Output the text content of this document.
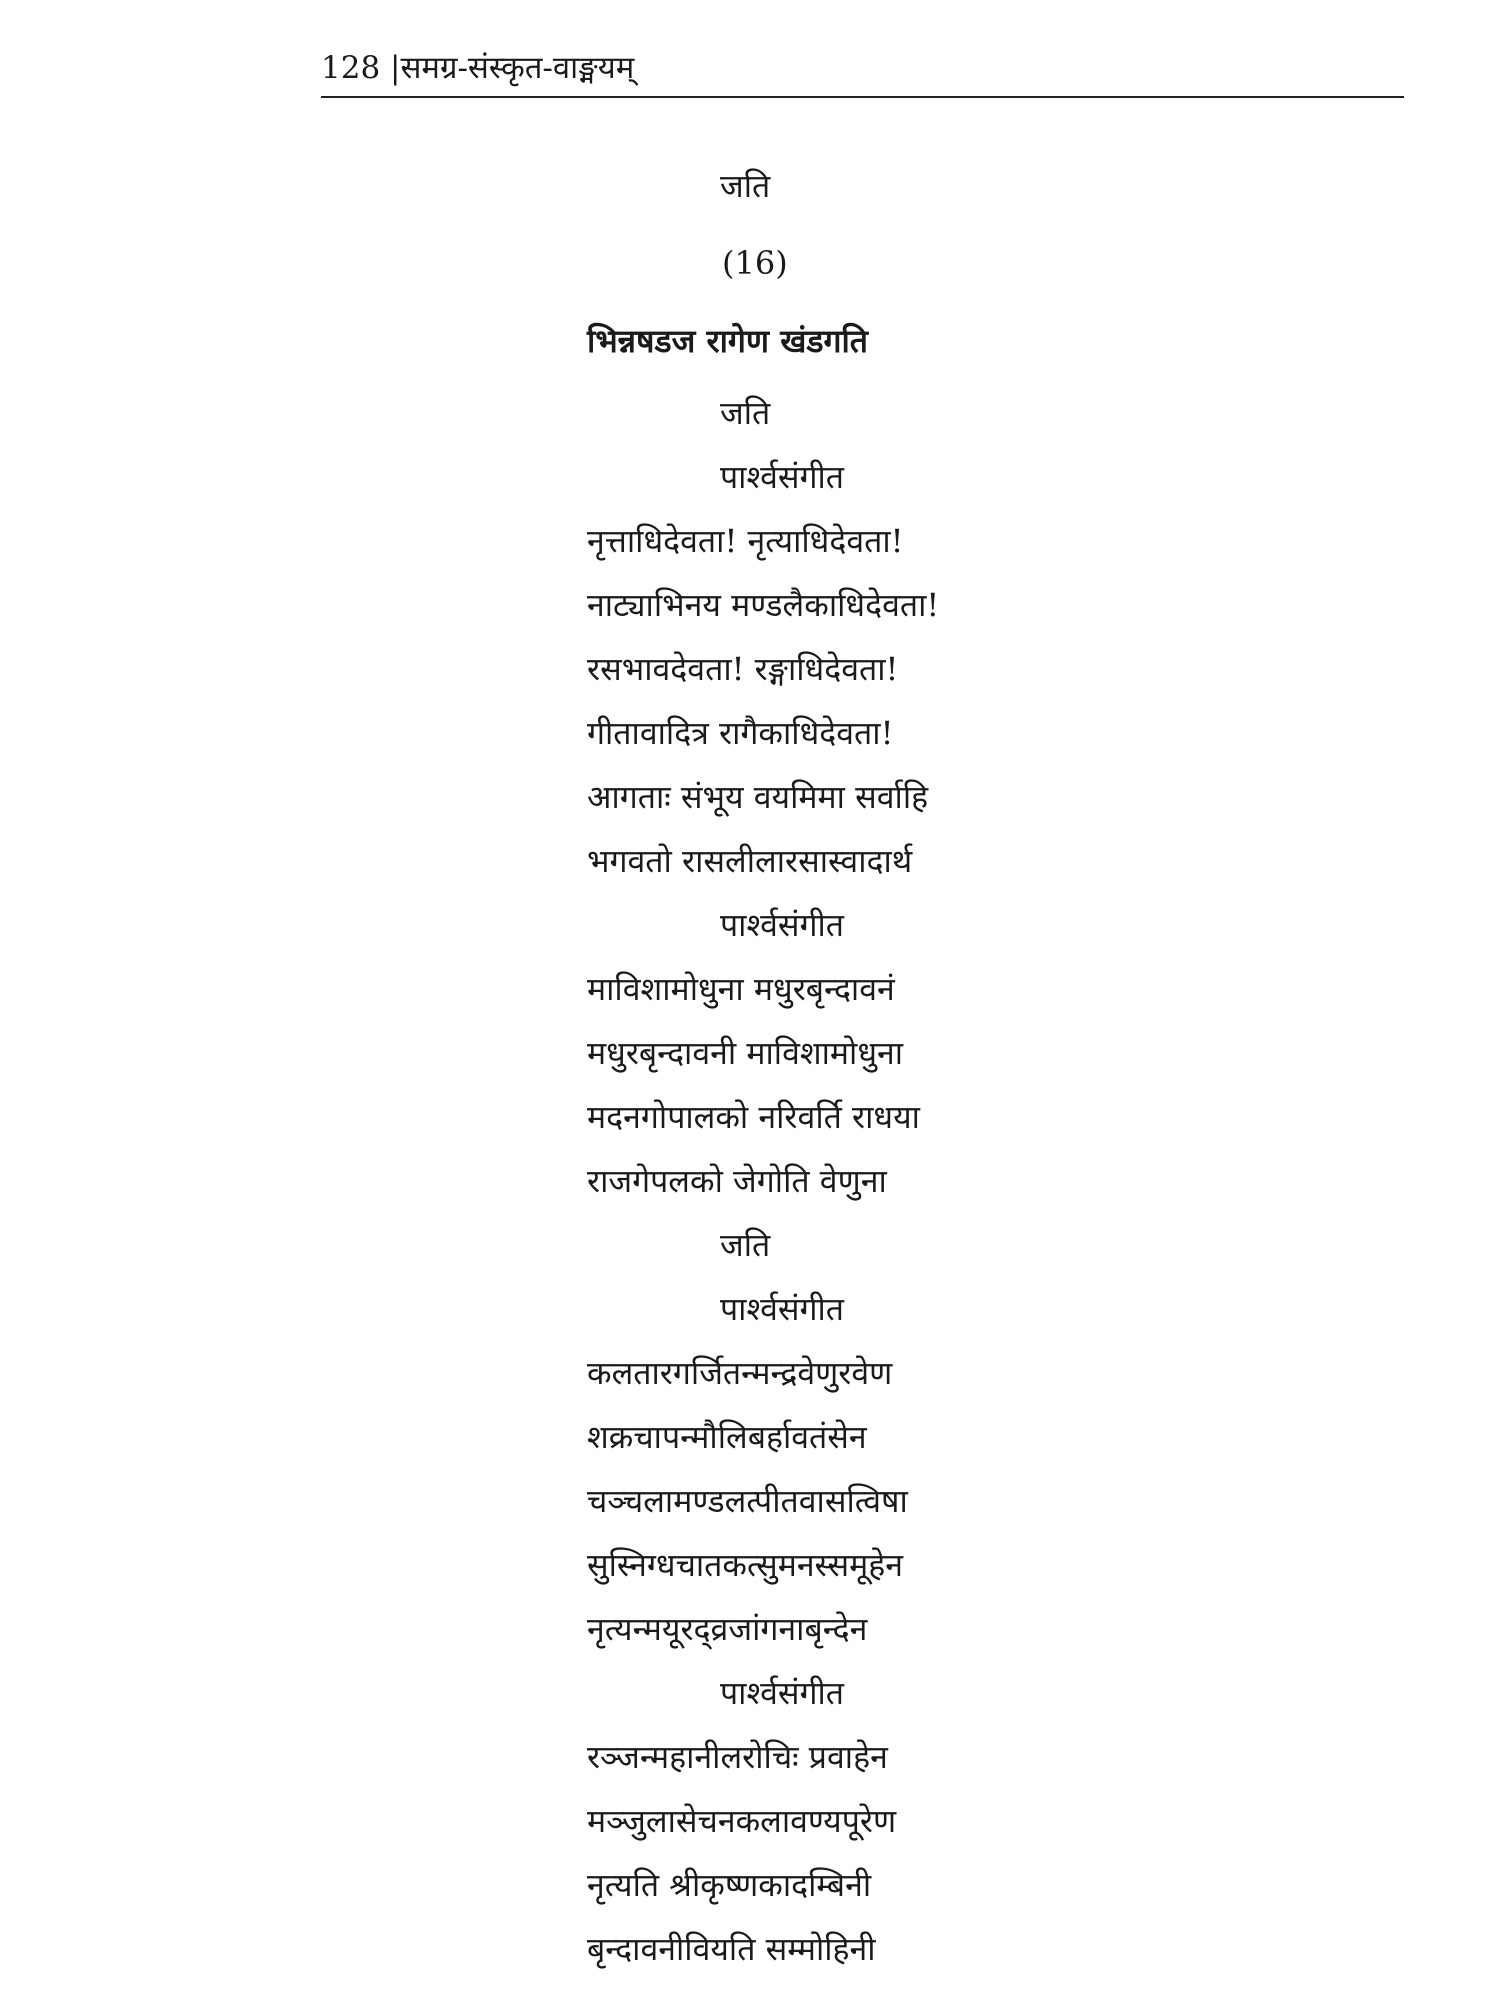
128 |समग्र-संस्कृत-वाङ्मयम्
जति
(16)
भिन्नषडज रागेण खंडगति
जति
पार्श्वसंगीत
नृत्ताधिदेवता! नृत्याधिदेवता!
नाट्याभिनय मण्डलैकाधिदेवता!
रसभावदेवता! रङ्गाधिदेवता!
गीतावादित्र रागैकाधिदेवता!
आगताः संभूय वयमिमा सर्वाहि
भगवतो रासलीलारसास्वादार्थ
पार्श्वसंगीत
माविशामोधुना मधुरबृन्दावनं
मधुरबृन्दावनी माविशामोधुना
मदनगोपालको नरिवर्ति राधया
राजगेपलको जेगोति वेणुना
जति
पार्श्वसंगीत
कलतारगर्जितन्मन्द्रवेणुरवेण
शक्रचापन्मौलिबर्हावतंसेन
चञ्चलामण्डलत्पीतवासत्विषा
सुस्निग्धचातकत्सुमनस्समूहेन
नृत्यन्मयूरद्व्रजांगनाबृन्देन
पार्श्वसंगीत
रञ्जन्महानीलरोचिः प्रवाहेन
मञ्जुलासेचनकलावण्यपूरेण
नृत्यति श्रीकृष्णकादम्बिनी
बृन्दावनीवियति सम्मोहिनी
